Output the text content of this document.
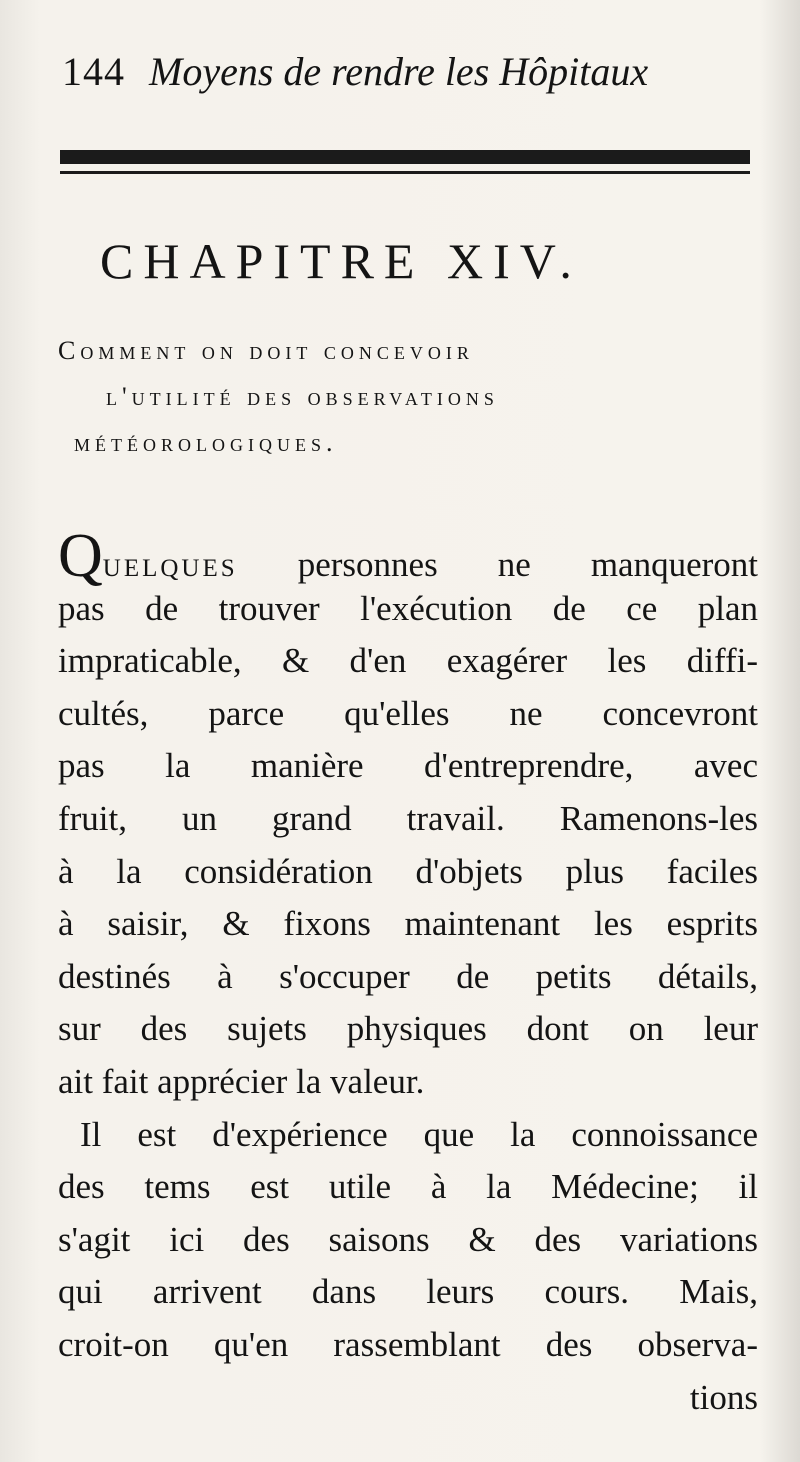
144 Moyens de rendre les Hôpitaux
CHAPITRE XIV.
Comment on doit concevoir
l'utilité des observations
météorologiques.
Quelques personnes ne manqueront
pas de trouver l'exécution de ce plan
impraticable, & d'en exagérer les diffi-
cultés, parce qu'elles ne concevront
pas la manière d'entreprendre, avec
fruit, un grand travail. Ramenons-les
à la considération d'objets plus faciles
à saisir, & fixons maintenant les esprits
destinés à s'occuper de petits détails,
sur des sujets physiques dont on leur
ait fait apprécier la valeur.
Il est d'expérience que la connoissance
des tems est utile à la Médecine; il
s'agit ici des saisons & des variations
qui arrivent dans leurs cours. Mais,
croit-on qu'en rassemblant des observa-
tions
